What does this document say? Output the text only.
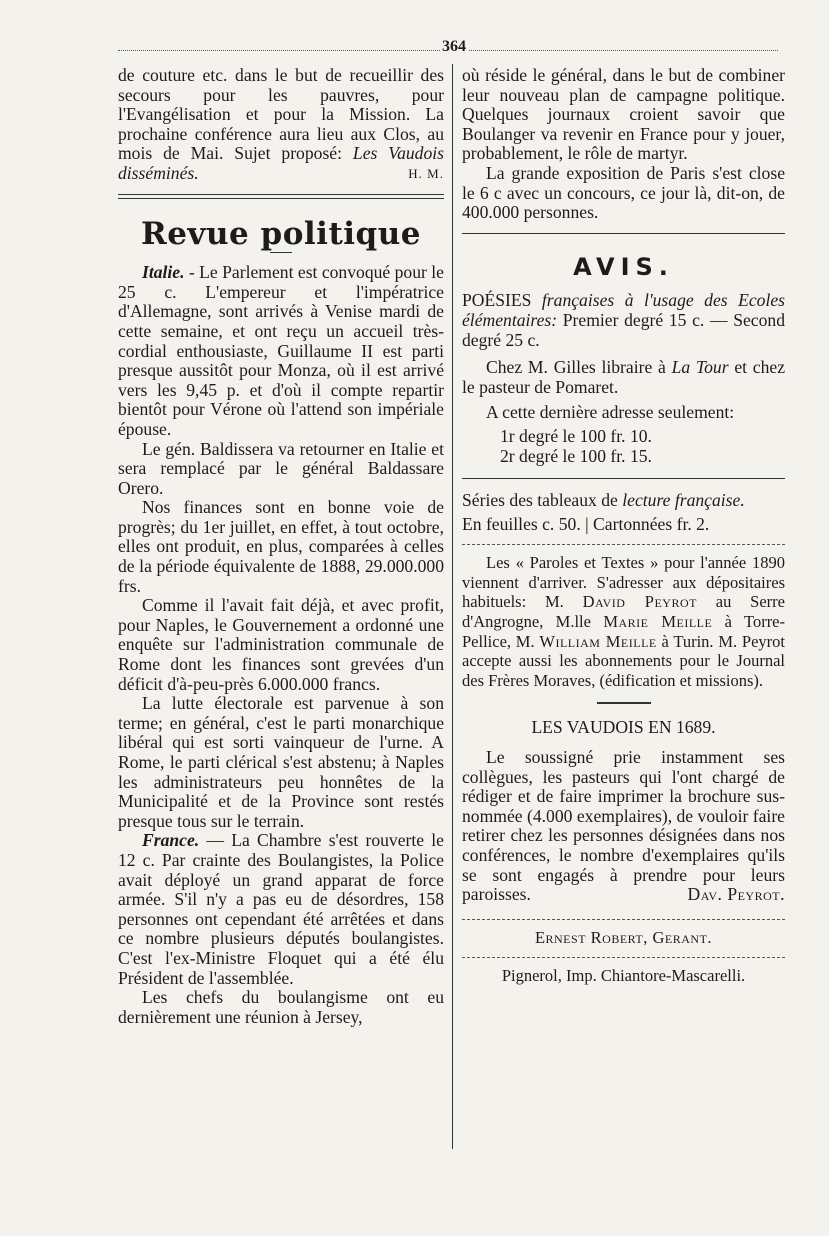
364

de couture etc. dans le but de recueillir des secours pour les pauvres, pour l'Evangélisation et pour la Mission. La prochaine conférence aura lieu aux Clos, au mois de Mai. Sujet proposé: Les Vaudois disséminés.	H. M.

Revue politique

Italie. - Le Parlement est convoqué pour le 25 c. L'empereur et l'impératrice d'Allemagne, sont arrivés à Venise mardi de cette semaine, et ont reçu un accueil très-cordial enthousiaste, Guillaume II est parti presque aussitôt pour Monza, où il est arrivé vers les 9,45 p. et d'où il compte repartir bientôt pour Vérone où l'attend son impériale épouse.

Le gén. Baldissera va retourner en Italie et sera remplacé par le général Baldassare Orero.

Nos finances sont en bonne voie de progrès; du 1er juillet, en effet, à tout octobre, elles ont produit, en plus, comparées à celles de la période équivalente de 1888, 29.000.000 frs.

Comme il l'avait fait déjà, et avec profit, pour Naples, le Gouvernement a ordonné une enquête sur l'administration communale de Rome dont les finances sont grevées d'un déficit d'à-peu-près 6.000.000 francs.

La lutte électorale est parvenue à son terme; en général, c'est le parti monarchique libéral qui est sorti vainqueur de l'urne. A Rome, le parti clérical s'est abstenu; à Naples les administrateurs peu honnêtes de la Municipalité et de la Province sont restés presque tous sur le terrain.

France. — La Chambre s'est rouverte le 12 c. Par crainte des Boulangistes, la Police avait déployé un grand apparat de force armée. S'il n'y a pas eu de désordres, 158 personnes ont cependant été arrêtées et dans ce nombre plusieurs députés boulangistes. C'est l'ex-Ministre Floquet qui a été élu Président de l'assemblée.

Les chefs du boulangisme ont eu dernièrement une réunion à Jersey,

où réside le général, dans le but de combiner leur nouveau plan de campagne politique. Quelques journaux croient savoir que Boulanger va revenir en France pour y jouer, probablement, le rôle de martyr.

La grande exposition de Paris s'est close le 6 c avec un concours, ce jour là, dit-on, de 400.000 personnes.

AVIS.

POÉSIES françaises à l'usage des Ecoles élémentaires: Premier degré 15 c. — Second degré 25 c.

Chez M. Gilles libraire à La Tour et chez le pasteur de Pomaret.

A cette dernière adresse seulement:

1r degré le 100 fr. 10.

2r degré le 100 fr. 15.

Séries des tableaux de lecture française.

En feuilles c. 50. | Cartonnées fr. 2.

Les « Paroles et Textes » pour l'année 1890 viennent d'arriver. S'adresser aux dépositaires habituels: M. David Peyrot au Serre d'Angrogne, M.lle Marie Meille à Torre-Pellice, M. William Meille à Turin. M. Peyrot accepte aussi les abonnements pour le Journal des Frères Moraves, (édification et missions).

LES VAUDOIS EN 1689.

Le soussigné prie instamment ses collègues, les pasteurs qui l'ont chargé de rédiger et de faire imprimer la brochure sus-nommée (4.000 exemplaires), de vouloir faire retirer chez les personnes désignées dans nos conférences, le nombre d'exemplaires qu'ils se sont engagés à prendre pour leurs paroisses.	Dav. Peyrot.

Ernest Robert, Gerant.

Pignerol, Imp. Chiantore-Mascarelli.
